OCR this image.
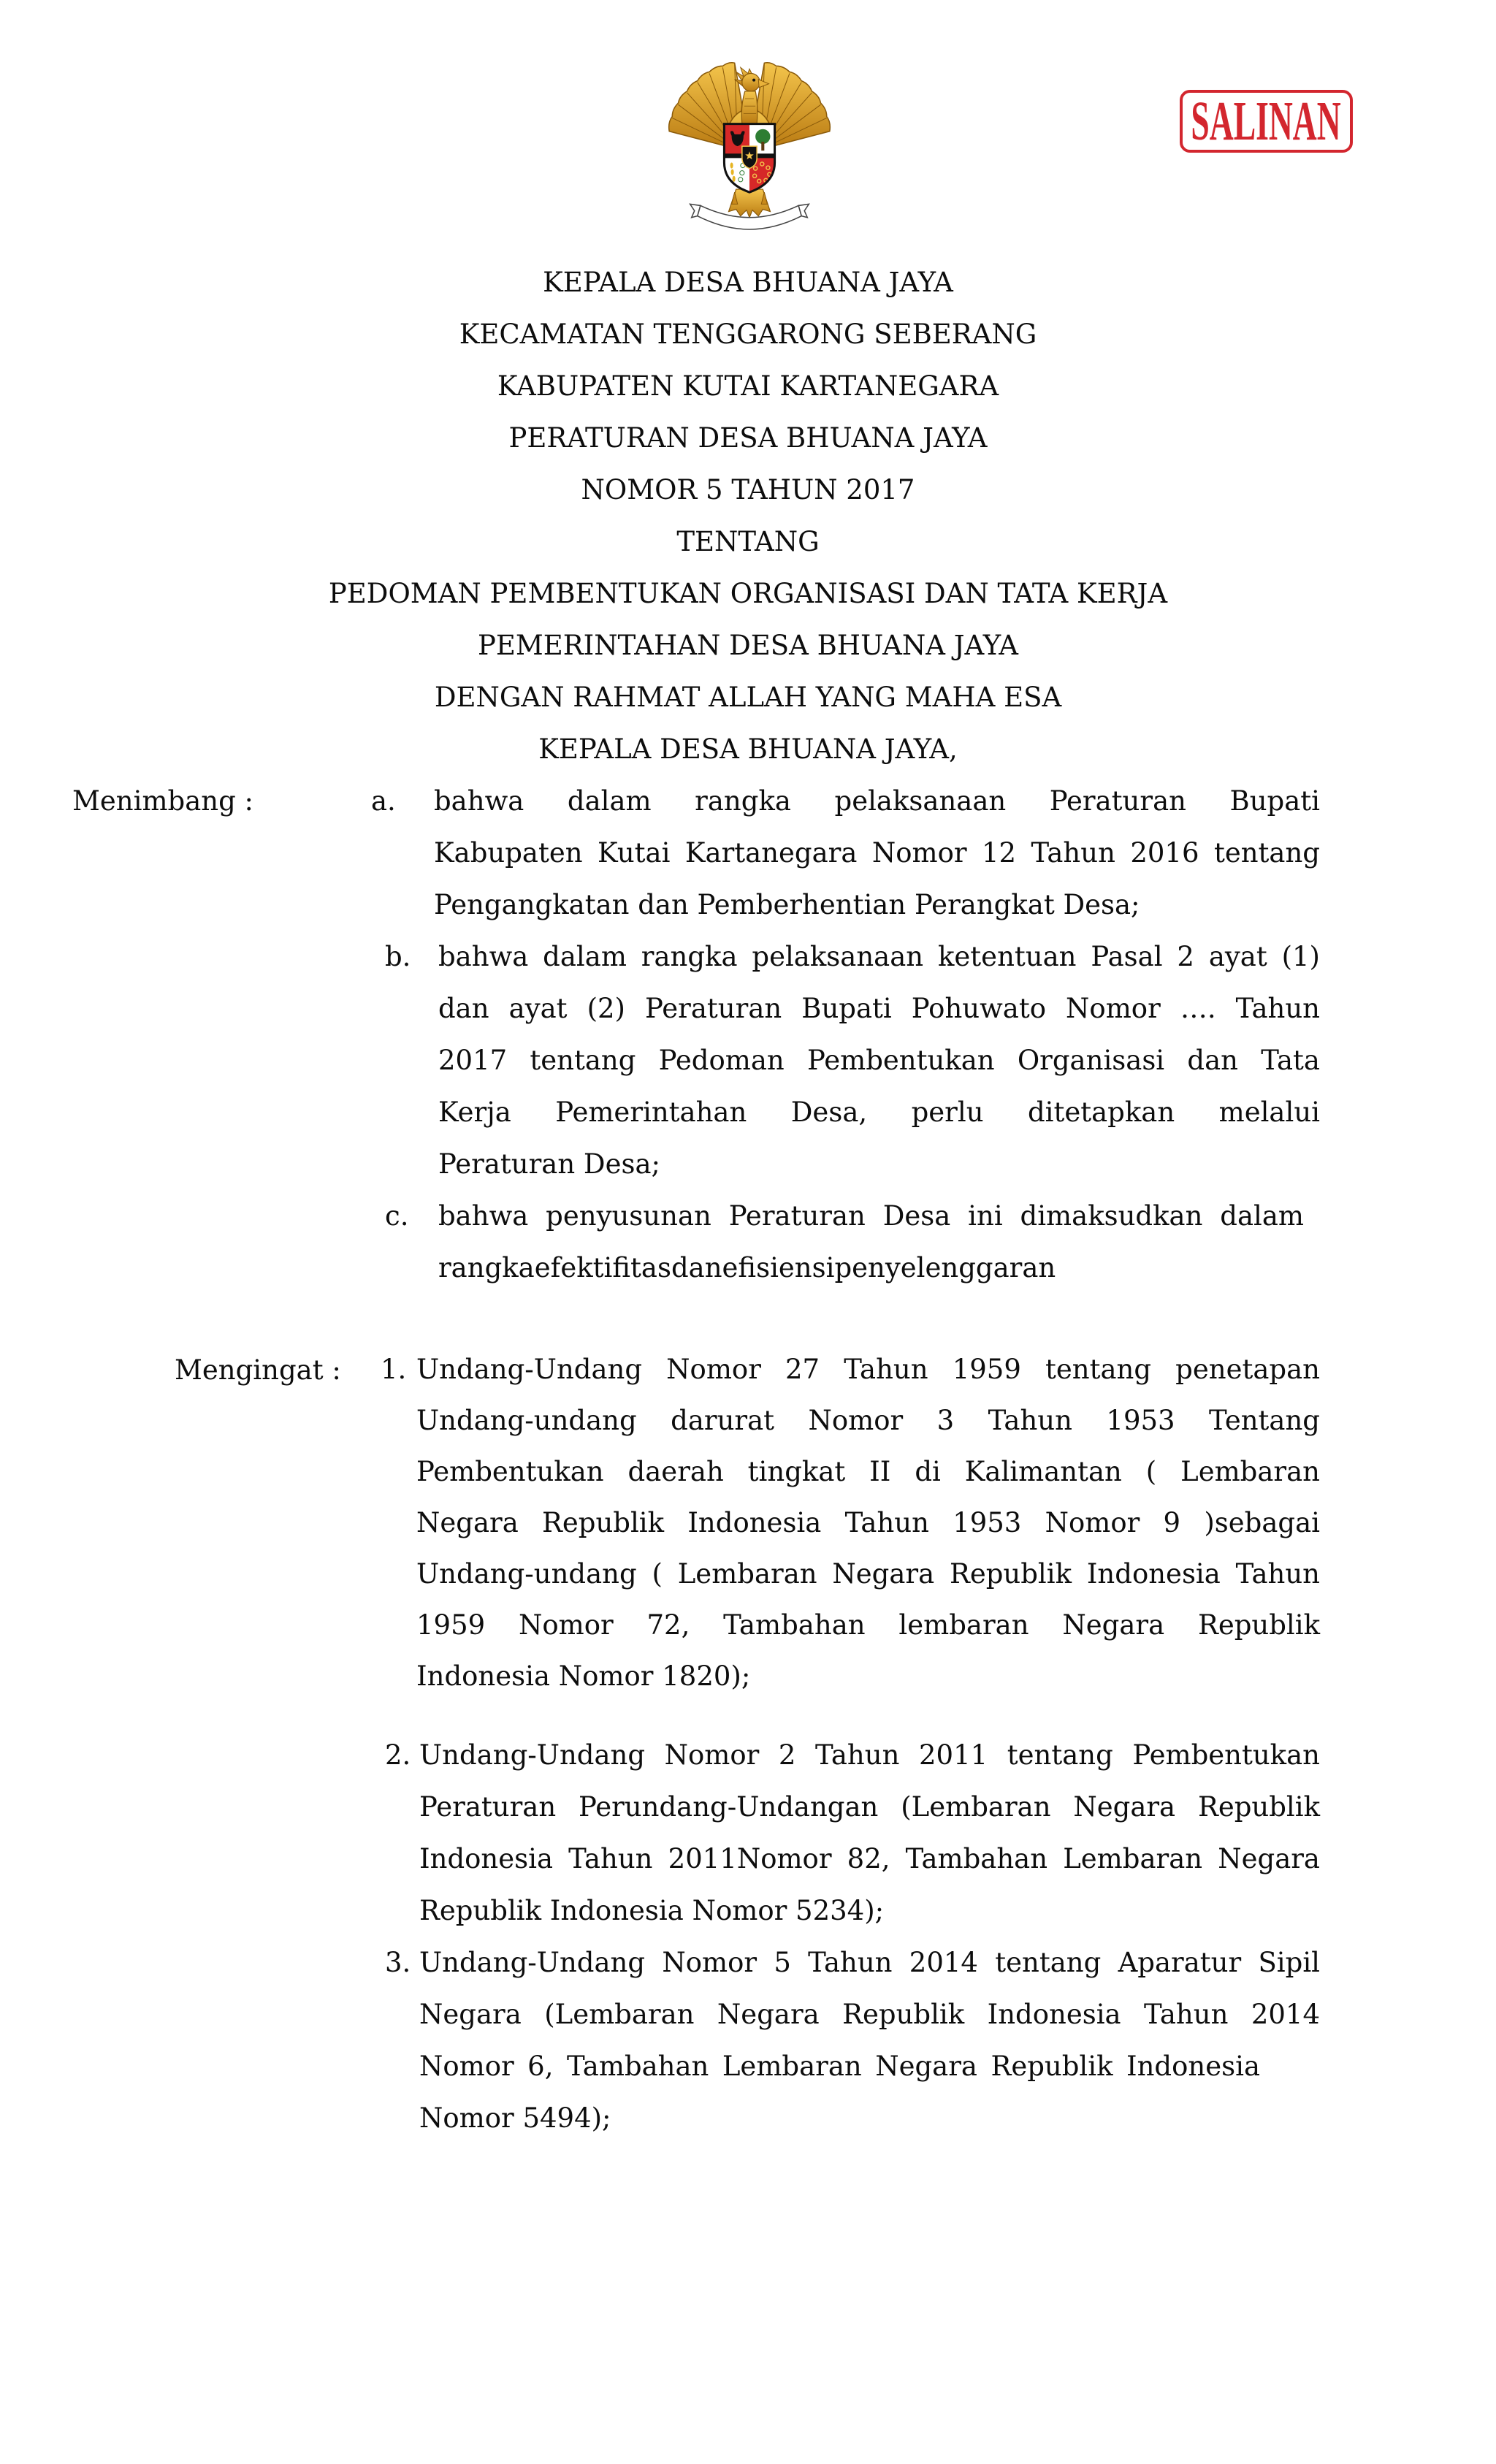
SALINAN
KEPALA DESA BHUANA JAYA
KECAMATAN TENGGARONG SEBERANG
KABUPATEN KUTAI KARTANEGARA
PERATURAN DESA BHUANA JAYA
NOMOR 5 TAHUN 2017
TENTANG
PEDOMAN PEMBENTUKAN ORGANISASI DAN TATA KERJA
PEMERINTAHAN DESA BHUANA JAYA
DENGAN RAHMAT ALLAH YANG MAHA ESA
KEPALA DESA BHUANA JAYA,
Menimbang :	a. bahwa dalam rangka pelaksanaan Peraturan Bupati
Kabupaten Kutai Kartanegara Nomor 12 Tahun 2016 tentang
Pengangkatan dan Pemberhentian Perangkat Desa;
b. bahwa dalam rangka pelaksanaan ketentuan Pasal 2 ayat (1)
dan ayat (2) Peraturan Bupati Pohuwato Nomor …. Tahun
2017 tentang Pedoman Pembentukan Organisasi dan Tata
Kerja Pemerintahan Desa, perlu ditetapkan melalui
Peraturan Desa;
c. bahwa penyusunan Peraturan Desa ini dimaksudkan dalam
rangkaefektifitasdanefisiensipenyelenggaran
Mengingat : 1. Undang-Undang Nomor 27 Tahun 1959 tentang penetapan
Undang-undang darurat Nomor 3 Tahun 1953 Tentang
Pembentukan daerah tingkat II di Kalimantan ( Lembaran
Negara Republik Indonesia Tahun 1953 Nomor 9 )sebagai
Undang-undang ( Lembaran Negara Republik Indonesia Tahun
1959 Nomor 72, Tambahan lembaran Negara Republik
Indonesia Nomor 1820);
2. Undang-Undang Nomor 2 Tahun 2011 tentang Pembentukan
Peraturan Perundang-Undangan (Lembaran Negara Republik
Indonesia Tahun 2011Nomor 82, Tambahan Lembaran Negara
Republik Indonesia Nomor 5234);
3. Undang-Undang Nomor 5 Tahun 2014 tentang Aparatur Sipil
Negara (Lembaran Negara Republik Indonesia Tahun 2014
Nomor 6, Tambahan Lembaran Negara Republik Indonesia
Nomor 5494);
